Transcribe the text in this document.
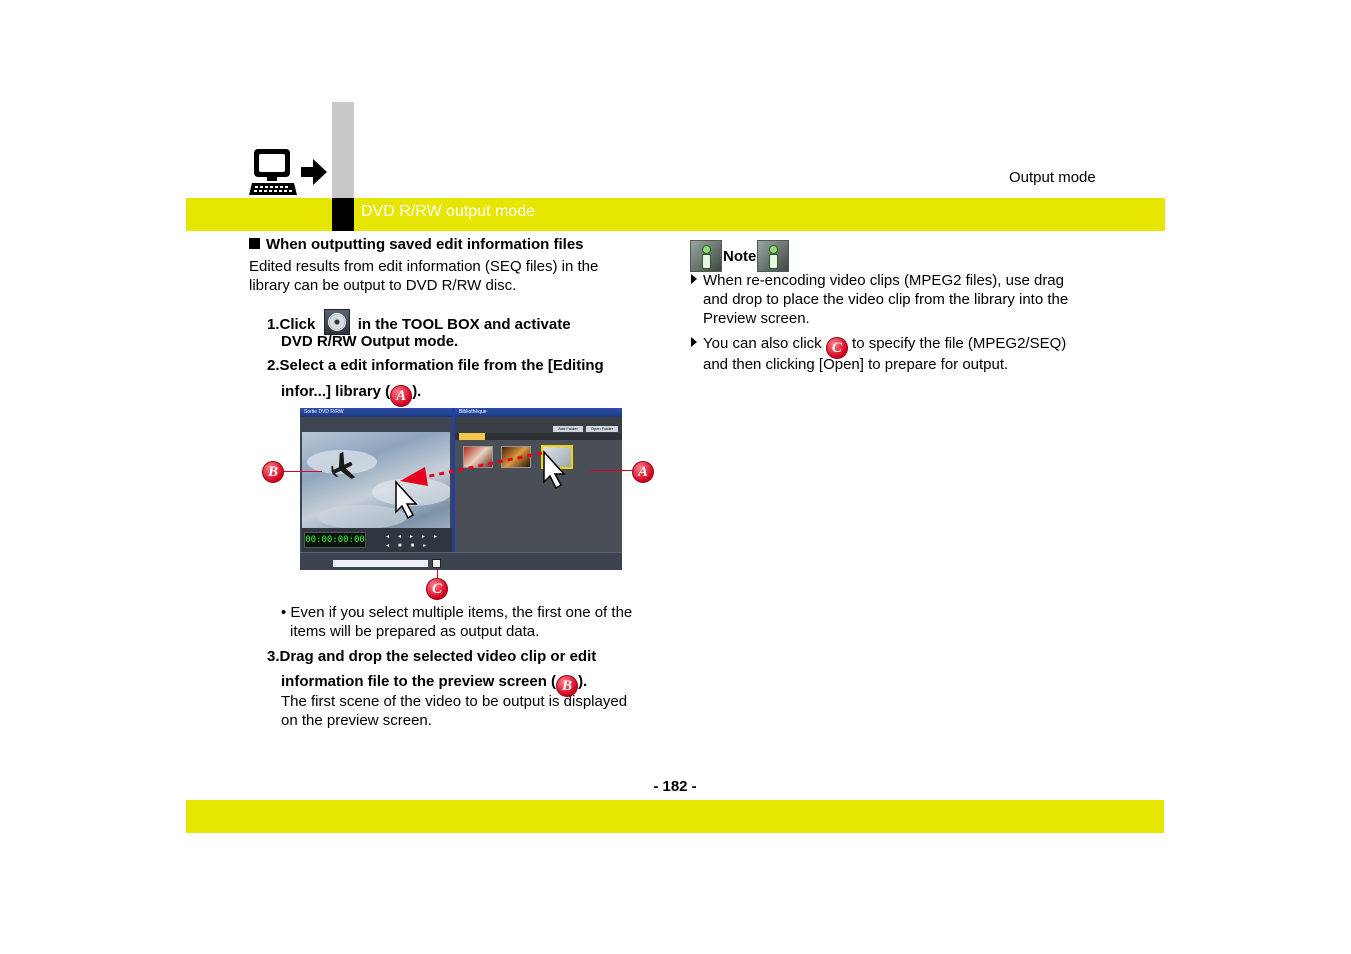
Output mode
DVD R/RW output mode
When outputting saved edit information files
Edited results from edit information (SEQ files) in the
library can be output to DVD R/RW disc.
1.Click	in the TOOL BOX and activate
DVD R/RW Output mode.
2.Select a edit information file from the [Editing
infor...] library ( A ).
Sortie DVD R/RW
00:00:00:00	◂◂▸▸▸
◂■■▸
Bibliothèque
Add Folder	Open Folder
B	A
C
• Even if you select multiple items, the first one of the
items will be prepared as output data.
3.Drag and drop the selected video clip or edit
information file to the preview screen ( B ).
The first scene of the video to be output is displayed
on the preview screen.
Note
When re-encoding video clips (MPEG2 files), use drag
and drop to place the video clip from the library into the
Preview screen.
You can also click C to specify the file (MPEG2/SEQ)
and then clicking [Open] to prepare for output.
- 182 -
